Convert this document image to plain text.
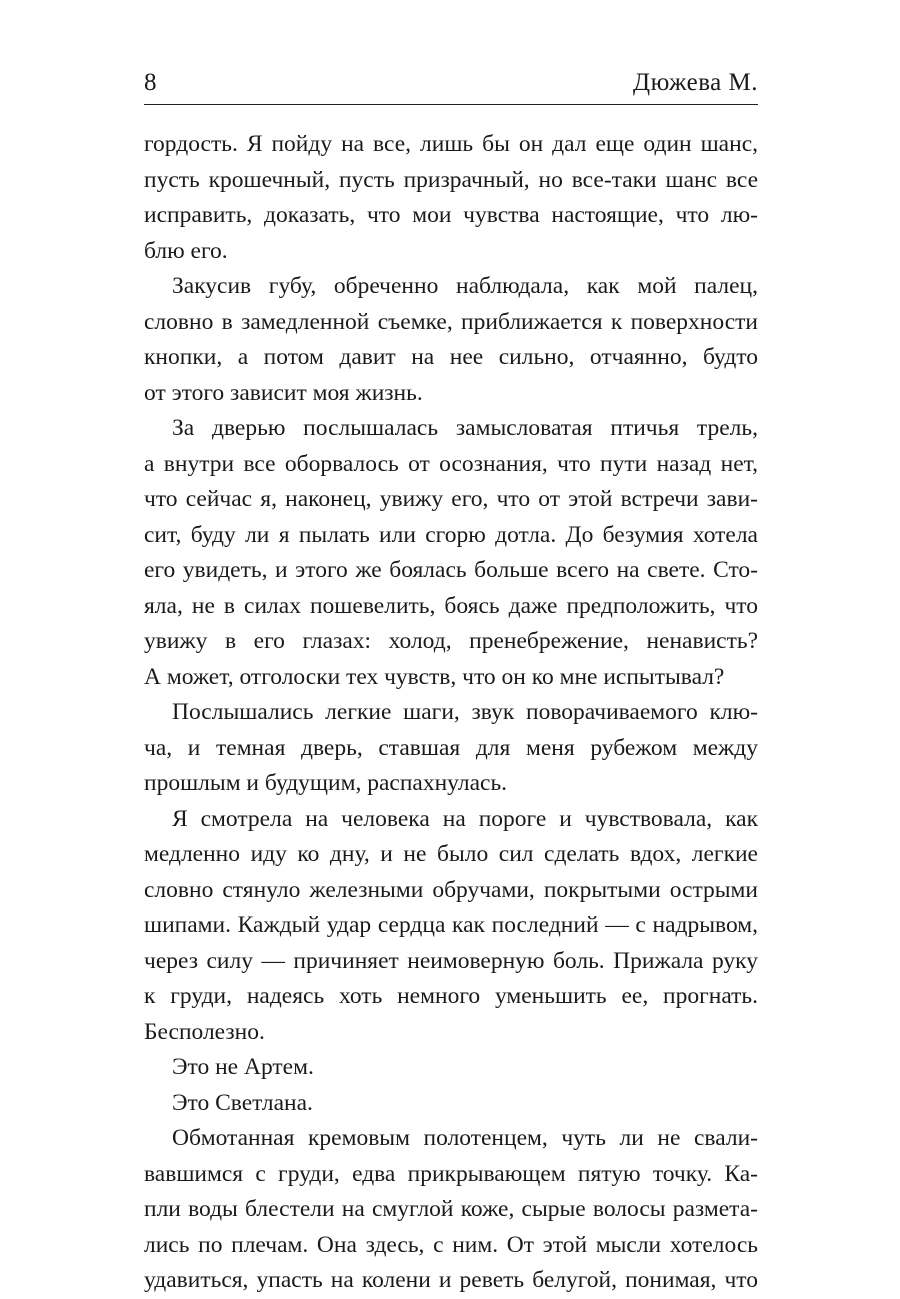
8	Дюжева М.
гордость. Я пойду на все, лишь бы он дал еще один шанс,
пусть крошечный, пусть призрачный, но все-таки шанс все
исправить, доказать, что мои чувства настоящие, что лю-
блю его.
Закусив губу, обреченно наблюдала, как мой палец,
словно в замедленной съемке, приближается к поверхности
кнопки, а потом давит на нее сильно, отчаянно, будто
от этого зависит моя жизнь.
За дверью послышалась замысловатая птичья трель,
а внутри все оборвалось от осознания, что пути назад нет,
что сейчас я, наконец, увижу его, что от этой встречи зави-
сит, буду ли я пылать или сгорю дотла. До безумия хотела
его увидеть, и этого же боялась больше всего на свете. Сто-
яла, не в силах пошевелить, боясь даже предположить, что
увижу в его глазах: холод, пренебрежение, ненависть?
А может, отголоски тех чувств, что он ко мне испытывал?
Послышались легкие шаги, звук поворачиваемого клю-
ча, и темная дверь, ставшая для меня рубежом между
прошлым и будущим, распахнулась.
Я смотрела на человека на пороге и чувствовала, как
медленно иду ко дну, и не было сил сделать вдох, легкие
словно стянуло железными обручами, покрытыми острыми
шипами. Каждый удар сердца как последний — с надрывом,
через силу — причиняет неимоверную боль. Прижала руку
к груди, надеясь хоть немного уменьшить ее, прогнать.
Бесполезно.
Это не Артем.
Это Светлана.
Обмотанная кремовым полотенцем, чуть ли не свали-
вавшимся с груди, едва прикрывающем пятую точку. Ка-
пли воды блестели на смуглой коже, сырые волосы размета-
лись по плечам. Она здесь, с ним. От этой мысли хотелось
удавиться, упасть на колени и реветь белугой, понимая, что
